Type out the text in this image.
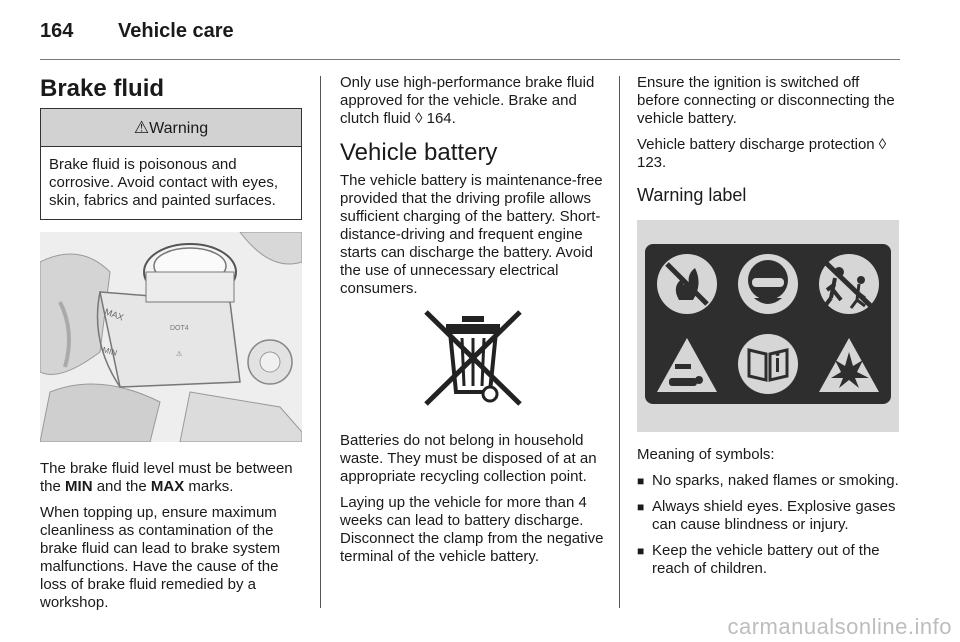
164 Vehicle care
Brake fluid
⚠Warning
Brake fluid is poisonous and corrosive. Avoid contact with eyes, skin, fabrics and painted surfaces.
MAX
MIN
DOT4
⚠

The brake fluid level must be between the MIN and the MAX marks.

When topping up, ensure maximum cleanliness as contamination of the brake fluid can lead to brake system malfunctions. Have the cause of the loss of brake fluid remedied by a workshop.

Only use high-performance brake fluid approved for the vehicle. Brake and clutch fluid ◊ 164.

Vehicle battery

The vehicle battery is maintenance-free provided that the driving profile allows sufficient charging of the battery. Short-distance-driving and frequent engine starts can discharge the battery. Avoid the use of unnecessary electrical consumers.

Batteries do not belong in household waste. They must be disposed of at an appropriate recycling collection point.

Laying up the vehicle for more than 4 weeks can lead to battery discharge. Disconnect the clamp from the negative terminal of the vehicle battery.

Ensure the ignition is switched off before connecting or disconnecting the vehicle battery.

Vehicle battery discharge protection ◊ 123.

Warning label

Meaning of symbols:

■ No sparks, naked flames or smoking.
■ Always shield eyes. Explosive gases can cause blindness or injury.
■ Keep the vehicle battery out of the reach of children.
carmanualsonline.info
